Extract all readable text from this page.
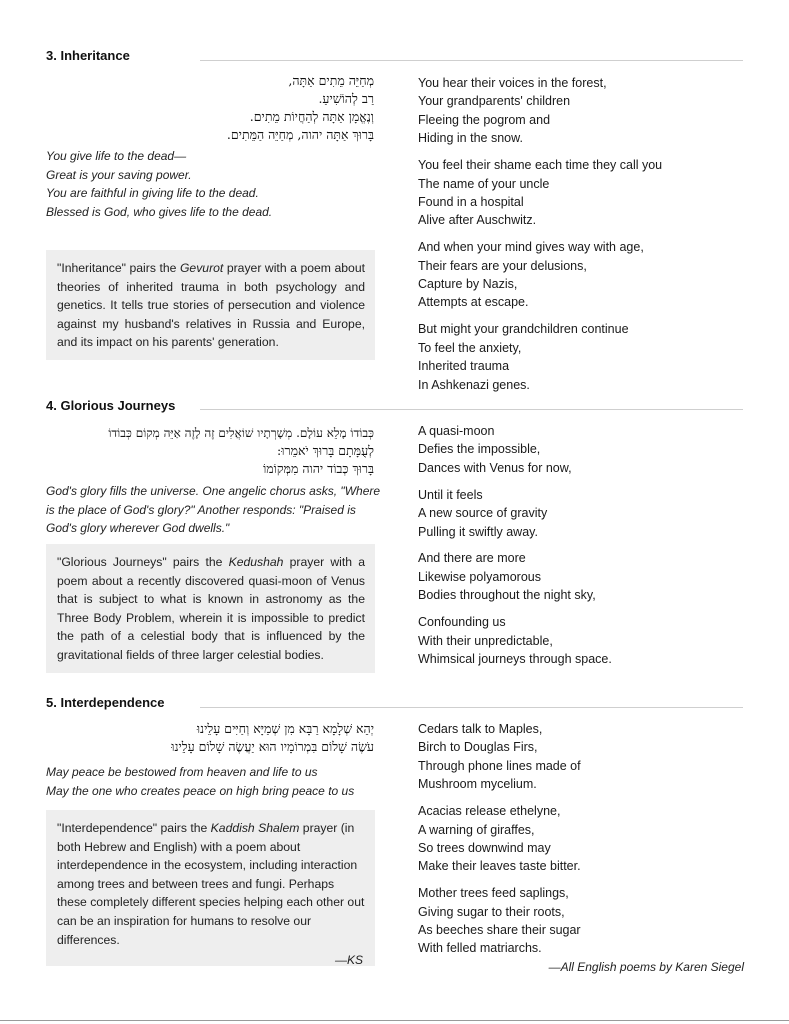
3. Inheritance
מְחַיֵּה מֵתִים אַתָּה,
רַב לְהוֹשִׁיעַ.
וְנֶאֱמָן אַתָּה לְהַחֲיוֹת מֵתִים.
בָּרוּךְ אַתָּה יהוה, מְחַיֵּה הַמֵּתִים.
You give life to the dead—
Great is your saving power.
You are faithful in giving life to the dead.
Blessed is God, who gives life to the dead.
"Inheritance" pairs the Gevurot prayer with a poem about theories of inherited trauma in both psychology and genetics. It tells true stories of persecution and violence against my husband's relatives in Russia and Europe, and its impact on his parents' generation.
You hear their voices in the forest,
Your grandparents' children
Fleeing the pogrom and
Hiding in the snow.
You feel their shame each time they call you
The name of your uncle
Found in a hospital
Alive after Auschwitz.
And when your mind gives way with age,
Their fears are your delusions,
Capture by Nazis,
Attempts at escape.
But might your grandchildren continue
To feel the anxiety,
Inherited trauma
In Ashkenazi genes.
4. Glorious Journeys
כְּבוֹדוֹ מָלֵא עוֹלָם. מְשָׁרְתָיו שׁוֹאֲלִים זֶה לָזֶה אַיֵּה מְקוֹם כְּבוֹדוֹ
לְעֻמָּתָם בָּרוּךְ יֹאמֵרוּ:
בָּרוּךְ כְּבוֹד יהוה מִמְּקוֹמוֹ
God's glory fills the universe. One angelic chorus asks, "Where
is the place of God's glory?" Another responds: "Praised is
God's glory wherever God dwells."
"Glorious Journeys" pairs the Kedushah prayer with a poem about a recently discovered quasi-moon of Venus that is subject to what is known in astronomy as the Three Body Problem, wherein it is impossible to predict the path of a celestial body that is influenced by the gravitational fields of three larger celestial bodies.
A quasi-moon
Defies the impossible,
Dances with Venus for now,
Until it feels
A new source of gravity
Pulling it swiftly away.
And there are more
Likewise polyamorous
Bodies throughout the night sky,
Confounding us
With their unpredictable,
Whimsical journeys through space.
5. Interdependence
יְהֵא שְׁלָמָא רַבָּא מִן שְׁמַיָּא וְחַיִּים עָלֵינוּ
עֹשֶׂה שָׁלוֹם בִּמְרוֹמָיו הוּא יַעֲשֶׂה שָׁלוֹם עָלֵינוּ
May peace be bestowed from heaven and life to us
May the one who creates peace on high bring peace to us
"Interdependence" pairs the Kaddish Shalem prayer (in both Hebrew and English) with a poem about interdependence in the ecosystem, including interaction among trees and between trees and fungi. Perhaps these completely different species helping each other out can be an inspiration for humans to resolve our differences.
—KS
Cedars talk to Maples,
Birch to Douglas Firs,
Through phone lines made of
Mushroom mycelium.
Acacias release ethelyne,
A warning of giraffes,
So trees downwind may
Make their leaves taste bitter.
Mother trees feed saplings,
Giving sugar to their roots,
As beeches share their sugar
With felled matriarchs.
—All English poems by Karen Siegel
